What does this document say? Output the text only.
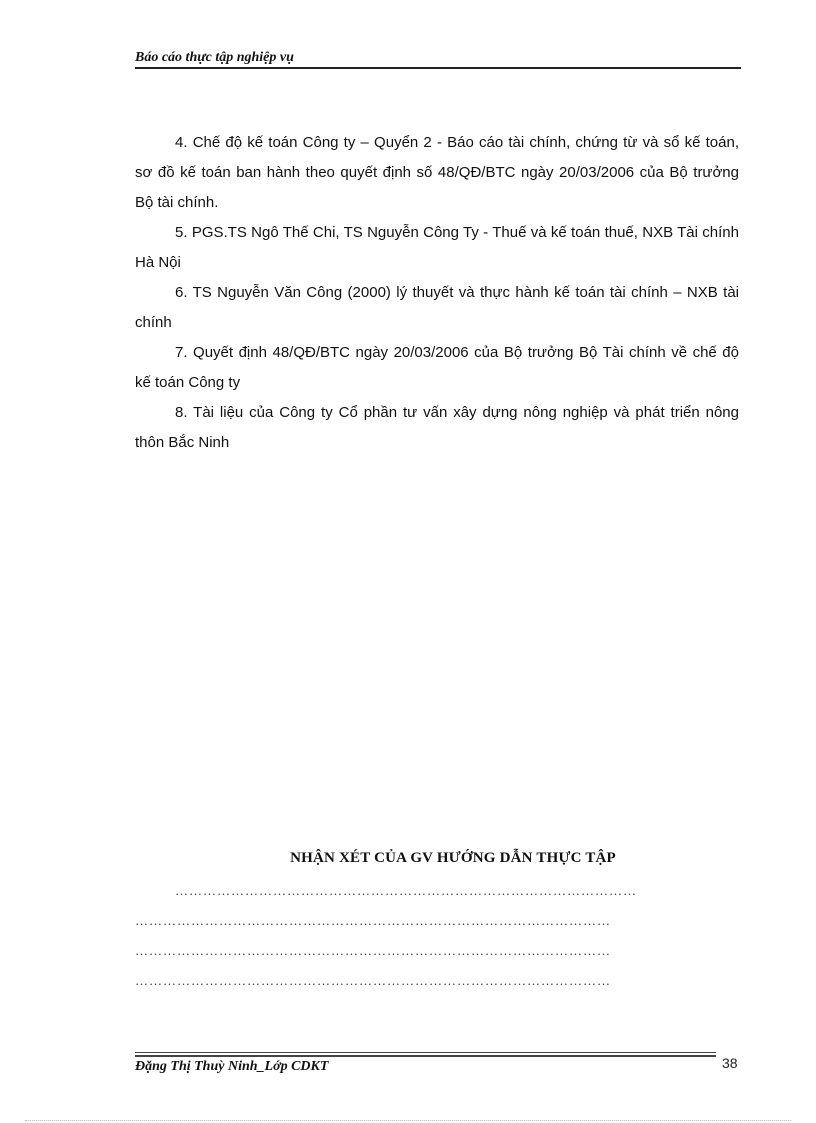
Báo cáo thực tập nghiệp vụ

4. Chế độ kế toán Công ty – Quyển 2 - Báo cáo tài chính, chứng từ và sổ kế toán, sơ đồ kế toán ban hành theo quyết định số 48/QĐ/BTC ngày 20/03/2006 của Bộ trưởng Bộ tài chính.

5. PGS.TS Ngô Thế Chi, TS Nguyễn Công Ty - Thuế và kế toán thuế, NXB Tài chính Hà Nội

6. TS Nguyễn Văn Công (2000) lý thuyết và thực hành kế toán tài chính – NXB tài chính

7. Quyết định 48/QĐ/BTC ngày 20/03/2006 của Bộ trưởng Bộ Tài chính về chế độ kế toán Công ty

8. Tài liệu của Công ty Cổ phần tư vấn xây dựng nông nghiệp và phát triển nông thôn Bắc Ninh

NHẬN XÉT CỦA GV HƯỚNG DẪN THỰC TẬP
………………………………………………………………………………………
…………………………………………………………………………………………
…………………………………………………………………………………………
…………………………………………………………………………………………
Đặng Thị Thuỳ Ninh_Lớp CDKT	38
